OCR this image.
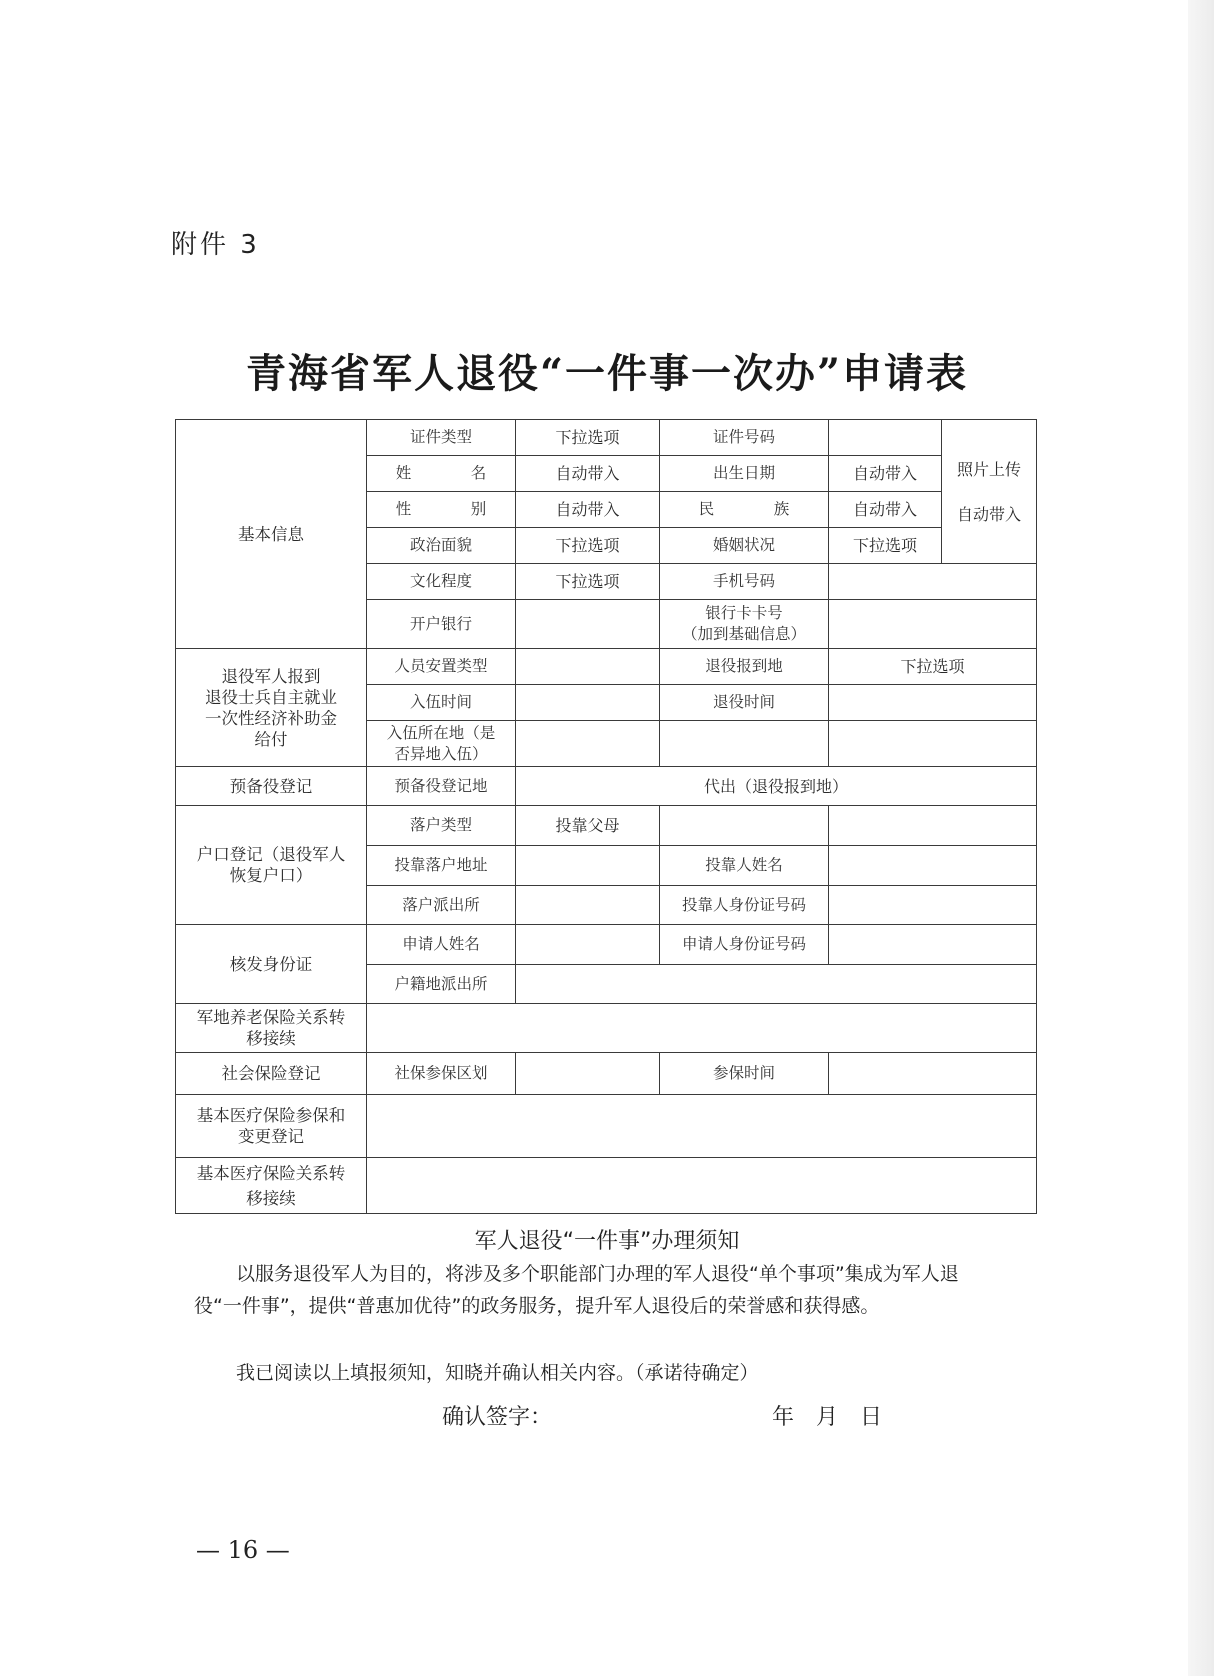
附件 3
青海省军人退役“一件事一次办”申请表
基本信息	证件类型	下拉选项	证件号码		照片上传
自动带入

	姓　名	自动带入	出生日期	自动带入	
	性　别	自动带入	民　族	自动带入	
	政治面貌	下拉选项	婚姻状况	下拉选项	
	文化程度	下拉选项	手机号码		
	开户银行		银行卡卡号
（加到基础信息）		

退役军人报到
退役士兵自主就业
一次性经济补助金
给付	人员安置类型		退役报到地	下拉选项	
	入伍时间		退役时间		

	入伍所在地（是
否异地入伍）				

预备役登记	预备役登记地	代出（退役报到地）			

户口登记（退役军人
恢复户口）	落户类型	投靠父母			
	投靠落户地址		投靠人姓名		
	落户派出所		投靠人身份证号码		
核发身份证	申请人姓名		申请人身份证号码		
	户籍地派出所				

军地养老保险关系转
移接续					

社会保险登记	社保参保区划		参保时间		

基本医疗保险参保和
变更登记					

基本医疗保险关系转
移接续					

军人退役“一件事”办理须知
以服务退役军人为目的，将涉及多个职能部门办理的军人退役“单个事项”集成为军人退役“一件事”，提供“普惠加优待”的政务服务，提升军人退役后的荣誉感和获得感。
我已阅读以上填报须知，知晓并确认相关内容。（承诺待确定）
确认签字：	年　月　日
— 16 —
